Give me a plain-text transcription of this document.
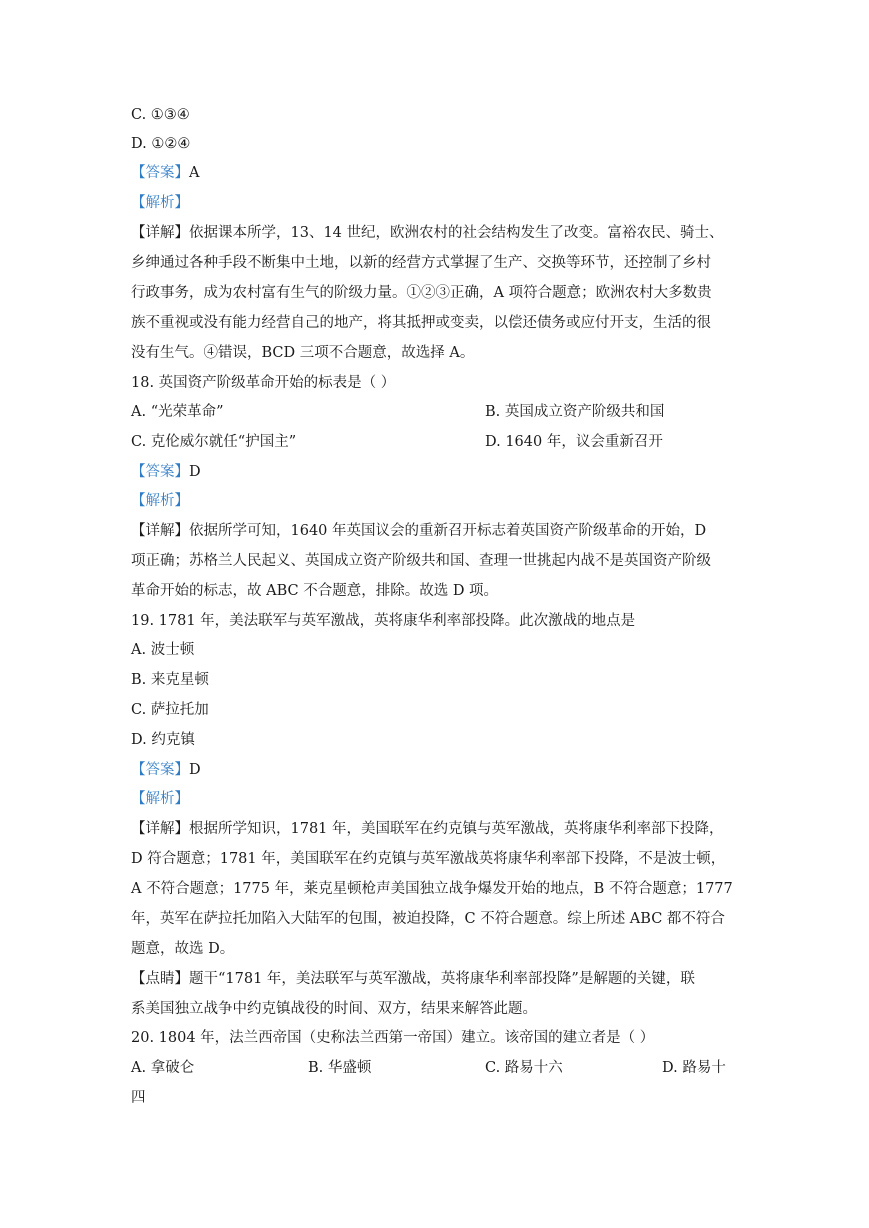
C. ①③④
D. ①②④
【答案】A
【解析】
【详解】依据课本所学，13、14 世纪，欧洲农村的社会结构发生了改变。富裕农民、骑士、
乡绅通过各种手段不断集中土地，以新的经营方式掌握了生产、交换等环节，还控制了乡村
行政事务，成为农村富有生气的阶级力量。①②③正确，A 项符合题意；欧洲农村大多数贵
族不重视或没有能力经营自己的地产，将其抵押或变卖，以偿还债务或应付开支，生活的很
没有生气。④错误，BCD 三项不合题意，故选择 A。
18. 英国资产阶级革命开始的标表是（ ）
A. “光荣革命”	B. 英国成立资产阶级共和国
C. 克伦威尔就任“护国主”	D. 1640 年，议会重新召开
【答案】D
【解析】
【详解】依据所学可知，1640 年英国议会的重新召开标志着英国资产阶级革命的开始，D
项正确；苏格兰人民起义、英国成立资产阶级共和国、查理一世挑起内战不是英国资产阶级
革命开始的标志，故 ABC 不合题意，排除。故选 D 项。
19. 1781 年，美法联军与英军激战，英将康华利率部投降。此次激战的地点是
A. 波士顿
B. 来克星顿
C. 萨拉托加
D. 约克镇
【答案】D
【解析】
【详解】根据所学知识，1781 年，美国联军在约克镇与英军激战，英将康华利率部下投降，
D 符合题意；1781 年，美国联军在约克镇与英军激战英将康华利率部下投降，不是波士顿，
A 不符合题意；1775 年，莱克星顿枪声美国独立战争爆发开始的地点，B 不符合题意；1777
年，英军在萨拉托加陷入大陆军的包围，被迫投降，C 不符合题意。综上所述 ABC 都不符合
题意，故选 D。
【点睛】题干“1781 年，美法联军与英军激战，英将康华利率部投降”是解题的关键，联
系美国独立战争中约克镇战役的时间、双方，结果来解答此题。
20. 1804 年，法兰西帝国（史称法兰西第一帝国）建立。该帝国的建立者是（ ）
A. 拿破仑	B. 华盛顿	C. 路易十六	D. 路易十
四
